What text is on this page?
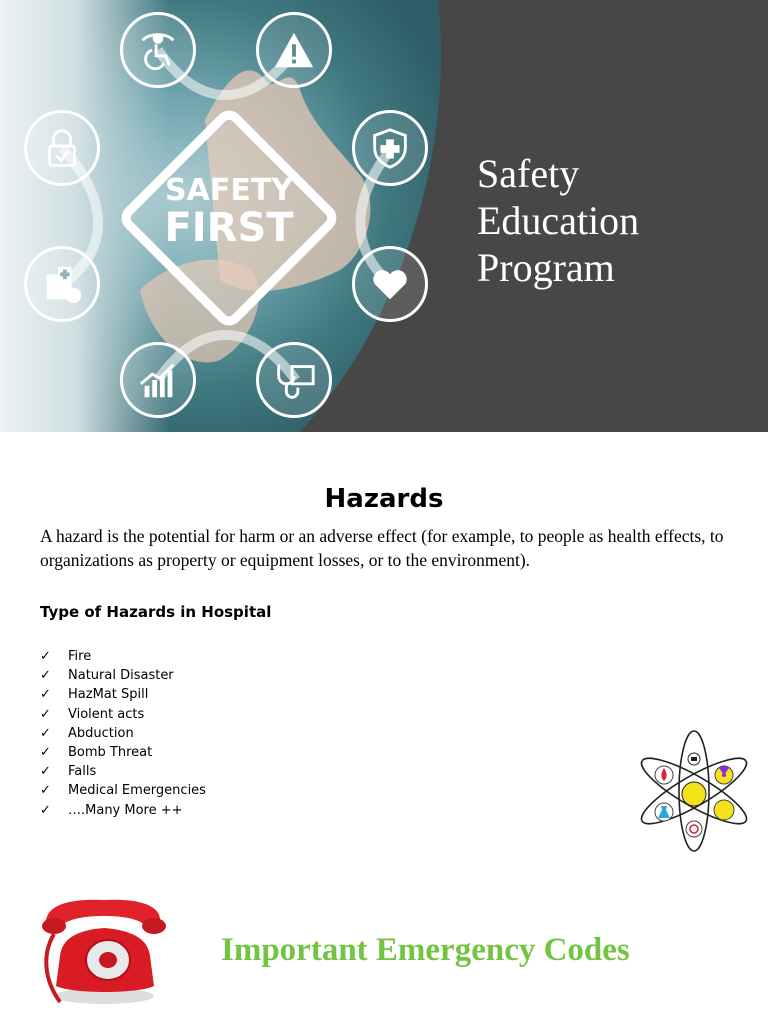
SAFETY
FIRST
Safety
Education
Program
Hazards
A hazard is the potential for harm or an adverse effect (for example, to people as health effects, to organizations as property or equipment losses, or to the environment).
Type of Hazards in Hospital
✓	Fire
✓	Natural Disaster
✓	HazMat Spill
✓	Violent acts
✓	Abduction
✓	Bomb Threat
✓	Falls
✓	Medical Emergencies
✓	….Many More ++
Important Emergency Codes
